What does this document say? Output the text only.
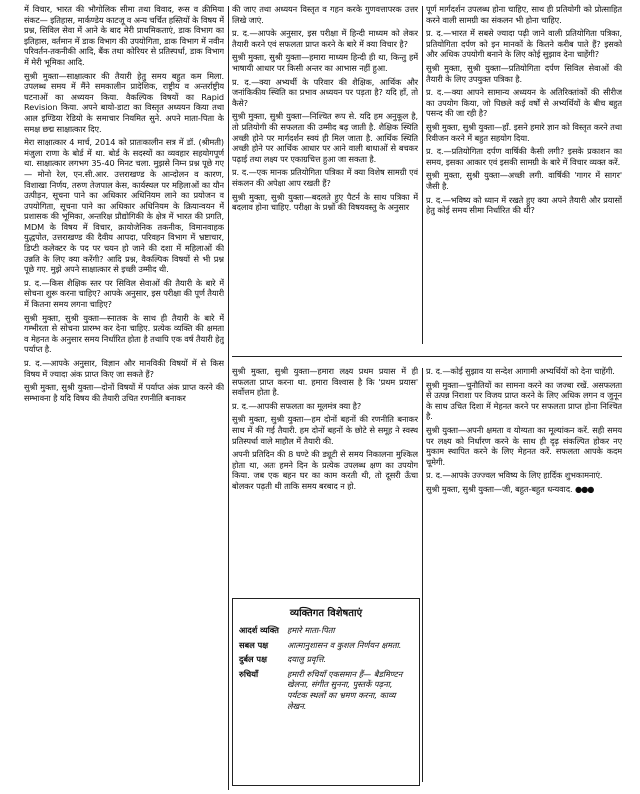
में विचार, भारत की भौगोलिक सीमा तथा विवाद, रूस व क्रीमिया संकट— इतिहास, मार्कण्डेय काटजू व अन्य चर्चित हस्तियों के विषय में प्रश्न, सिविल सेवा में आने के बाद मेरी प्राथमिकताएं, डाक विभाग का इतिहास, वर्तमान में डाक विभाग की उपयोगिता, डाक विभाग में नवीन परिवर्तन-तकनीकी आदि, बैंक तथा कोरियर से प्रतिस्पर्धा, डाक विभाग में मेरी भूमिका आदि.

सुश्री मुक्ता—साक्षात्कार की तैयारी हेतु समय बहुत कम मिला. उपलब्ध समय में मैंने समकालीन प्रादेशिक, राष्ट्रीय व अन्तर्राष्ट्रीय घटनाओं का अध्ययन किया. वैकल्पिक विषयों का Rapid Revision किया. अपने बायो-डाटा का विस्तृत अध्ययन किया तथा आल इण्डिया रेडियो के समाचार नियमित सुने. अपने माता-पिता के समक्ष छद्म साक्षात्कार दिए.

मेरा साक्षात्कार 4 मार्च, 2014 को प्रातःकालीन सत्र में डॉ. (श्रीमती) मंजुला राणा के बोर्ड में था. बोर्ड के सदस्यों का व्यवहार सहयोगपूर्ण था. साक्षात्कार लगभग 35-40 मिनट चला. मुझसे निम्न प्रश्न पूछे गए— मोनो रेल, एन.सी.आर. उत्तराखण्ड के आन्दोलन व कारण, विशाखा निर्णय, तरुण तेजपाल केस, कार्यस्थल पर महिलाओं का यौन उत्पीड़न, सूचना पाने का अधिकार अधिनियम लाने का प्रयोजन व उपयोगिता, सूचना पाने का अधिकार अधिनियम के क्रियान्वयन में प्रशासक की भूमिका, अन्तरिक्ष प्रौद्योगिकी के क्षेत्र में भारत की प्रगति, MDM के विषय में विचार, क्रायोजेनिक तकनीक, विमानवाहक युद्धपोत, उत्तराखण्ड की दैवीय आपदा, परिवहन विभाग में भ्रष्टाचार, डिप्टी कलेक्टर के पद पर चयन हो जाने की दशा में महिलाओं की उन्नति के लिए क्या करेंगी? आदि प्रश्न, वैकल्पिक विषयों से भी प्रश्न पूछे गए. मुझे अपने साक्षात्कार से इच्छी उम्मीद थी.

प्र. द.—किस शैक्षिक स्तर पर सिविल सेवाओं की तैयारी के बारे में सोचना शुरू करना चाहिए? आपके अनुसार, इस परीक्षा की पूर्ण तैयारी में कितना समय लगना चाहिए?

सुश्री मुक्ता, सुश्री युक्ता—स्नातक के साथ ही तैयारी के बारे में गम्भीरता से सोचना प्रारम्भ कर देना चाहिए. प्रत्येक व्यक्ति की क्षमता व मेहनत के अनुसार समय निर्धारित होता है तथापि एक वर्ष तैयारी हेतु पर्याप्त है.

प्र. द.—आपके अनुसार, विज्ञान और मानविकी विषयों में से किस विषय में ज्यादा अंक प्राप्त किए जा सकते हैं?

सुश्री मुक्ता, सुश्री युक्ता—दोनों विषयों में पर्याप्त अंक प्राप्त करने की सम्भावना है यदि विषय की तैयारी उचित रणनीति बनाकर

की जाए तथा अध्ययन विस्तृत व गहन करके गुणवत्तापरक उत्तर लिखे जाएं.

प्र. द.—आपके अनुसार, इस परीक्षा में हिन्दी माध्यम को लेकर तैयारी करने एवं सफलता प्राप्त करने के बारे में क्या विचार है?

सुश्री मुक्ता, सुश्री युक्ता—हमारा माध्यम हिन्दी ही था, किन्तु हमें भाषायी आधार पर किसी अन्तर का आभास नहीं हुआ.

प्र. द.—क्या अभ्यर्थी के परिवार की शैक्षिक, आर्थिक और जनांकिकीय स्थिति का प्रभाव अध्ययन पर पड़ता है? यदि हाँ, तो कैसे?

सुश्री मुक्ता, सुश्री युक्ता—निश्चित रूप से. यदि हम अनुकूल है, तो प्रतियोगी की सफलता की उम्मीद बढ़ जाती है. शैक्षिक स्थिति अच्छी होने पर मार्गदर्शन स्वयं ही मिल जाता है. आर्थिक स्थिति अच्छी होने पर आर्थिक आधार पर आने वाली बाधाओं से बचकर पढ़ाई तथा लक्ष्य पर एकाग्रचित्त हुआ जा सकता है.

प्र. द.—एक मानक प्रतियोगिता पत्रिका में क्या विशेष सामग्री एवं संकलन की अपेक्षा आप रखती हैं?

सुश्री मुक्ता, सुश्री युक्ता—बदलते हुए पैटर्न के साथ पत्रिका में बदलाव होना चाहिए. परीक्षा के प्रश्नों की विषयवस्तु के अनुसार

पूर्ण मार्गदर्शन उपलब्ध होना चाहिए, साथ ही प्रतियोगी को प्रोत्साहित करने वाली सामग्री का संकलन भी होना चाहिए.

प्र. द.—भारत में सबसे ज्यादा पढ़ी जाने वाली प्रतियोगिता पत्रिका, प्रतियोगिता दर्पण को इन मानकों के कितने करीब पाते हैं? इसको और अधिक उपयोगी बनाने के लिए कोई सुझाव देना चाहेंगी?

सुश्री मुक्ता, सुश्री युक्ता—प्रतियोगिता दर्पण सिविल सेवाओं की तैयारी के लिए उपयुक्त पत्रिका है.

प्र. द.—क्या आपने सामान्य अध्ययन के अतिरिक्तांकों की सीरीज का उपयोग किया, जो पिछले कई वर्षों से अभ्यर्थियों के बीच बहुत पसन्द की जा रही है?

सुश्री मुक्ता, सुश्री युक्ता—हाँ. इसने हमारे ज्ञान को विस्तृत करने तथा रिवीजन करने में बहुत सहयोग दिया.

प्र. द.—प्रतियोगिता दर्पण वार्षिकी कैसी लगी? इसके प्रकाशन का समय, इसका आकार एवं इसकी सामग्री के बारे में विचार व्यक्त करें.

सुश्री मुक्ता, सुश्री युक्ता—अच्छी लगी. वार्षिकी 'गागर में सागर' जैसी है.

प्र. द.—भविष्य को ध्यान में रखते हुए क्या अपने तैयारी और प्रयासों हेतु कोई समय सीमा निर्धारित की थी?

सुश्री मुक्ता, सुश्री युक्ता—हमारा लक्ष्य प्रथम प्रयास में ही सफलता प्राप्त करना था. हमारा विश्वास है कि 'प्रथम प्रयास' सर्वोत्तम होता है.

प्र. द.—आपकी सफलता का मूलमंत्र क्या है?

सुश्री मुक्ता, सुश्री युक्ता—हम दोनों बहनों की रणनीति बनाकर साथ में की गई तैयारी. हम दोनों बहनों के छोटे से समूह ने स्वस्थ प्रतिस्पर्धा वाले माहौल में तैयारी की.

अपनी प्रतिदिन की 8 घण्टे की ड्यूटी से समय निकालना मुश्किल होता था, अतः हमने दिन के प्रत्येक उपलब्ध क्षण का उपयोग किया. जब एक बहन घर का काम करती थी, तो दूसरी ऊँचा बोलकर पढ़ती थी ताकि समय बरबाद न हो.

प्र. द.—कोई सुझाव या सन्देश आगामी अभ्यर्थियों को देना चाहेंगी.

सुश्री मुक्ता—चुनौतियों का सामना करने का जज्बा रखें. असफलता से उत्पन्न निराशा पर विजय प्राप्त करने के लिए अधिक लगन व जुनून के साथ उचित दिशा में मेहनत करने पर सफलता प्राप्त होना निश्चित है.

सुश्री युक्ता—अपनी क्षमता व योग्यता का मूल्यांकन करें. सही समय पर लक्ष्य को निर्धारण करने के साथ ही दृढ़ संकल्पित होकर नए मुकाम स्थापित करने के लिए मेहनत करें. सफलता आपके कदम चूमेगी.

प्र. द.—आपके उज्ज्वल भविष्य के लिए हार्दिक शुभकामनाएं.

सुश्री मुक्ता, सुश्री युक्ता—जी, बहुत-बहुत धन्यवाद. ●●●

व्यक्तिगत विशेषताएं
आदर्श व्यक्ति हमारे माता-पिता
सबल पक्ष	आत्मानुशासन व कुशल निर्णयन क्षमता.
दुर्बल पक्ष	दयालु प्रवृत्ति.
रुचियाँ	हमारी रुचियाँ एकसमान हैं— बैडमिण्टन खेलना, संगीत सुनना, पुस्तकें पढ़ना, पर्यटक स्थलों का भ्रमण करना, काव्य लेखन.
